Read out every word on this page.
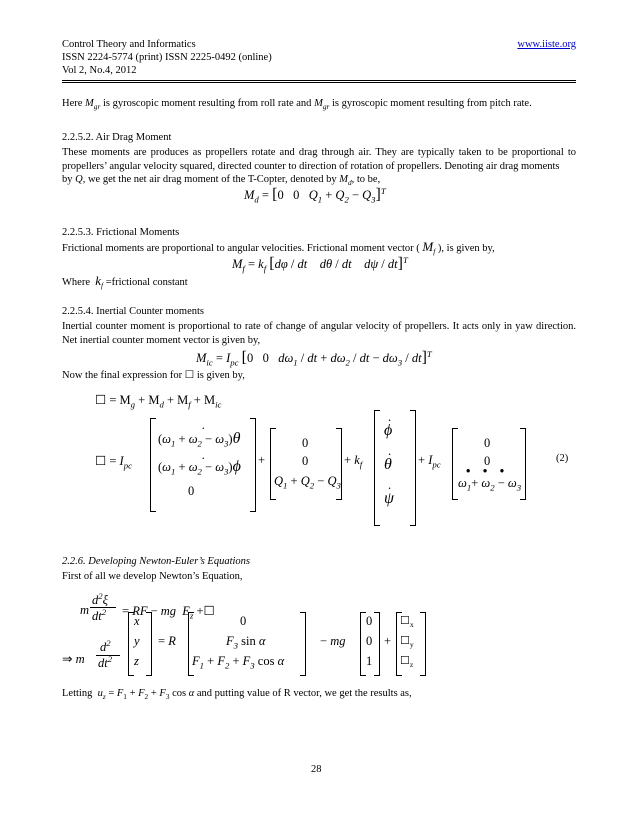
Control Theory and Informatics
ISSN 2224-5774 (print) ISSN 2225-0492 (online)
Vol 2, No.4, 2012
www.iiste.org
Here $M_{gr}$ is gyroscopic moment resulting from roll rate and $M_{gr}$ is gyroscopic moment resulting from pitch rate.
2.2.5.2. Air Drag Moment
These moments are produces as propellers rotate and drag through air. They are typically taken to be proportional to propellers’ angular velocity squared, directed counter to direction of rotation of propellers. Denoting air drag moments
by Q, we get the net air drag moment of the T-Copter, denoted by $M_d$, to be,
$M_d = [0$   0   $Q_1 + Q_2 - Q_3]^T$
2.2.5.3. Frictional Moments
Frictional moments are proportional to angular velocities. Frictional moment vector ( $M_f$ ), is given by,
$M_f = k_f$ [dφ / dt    dθ / dt    dψ / dt]$^T$
Where $k_f$ =frictional constant
2.2.5.4. Inertial Counter moments
Inertial counter moment is proportional to rate of change of angular velocity of propellers. It acts only in yaw direction. Net inertial counter moment vector is given by,
$M_{ic} = I_{pc}$ [0   0   $d\omega_1$ / dt + $d\omega_2$ / dt − $d\omega_3 / dt]^T$
Now the final expression for ☐ is given by,
☐ = $M_g + M_d + M_f + M_{ic}$
☐ = $I_{pc}$
.
$(\omega_1 + \omega_2 - \omega_3)\theta$
.
$(\omega_1 + \omega_2 - \omega_3)\phi$
0
+
0
0
$Q_1 + Q_2 - Q_3$
+ $k_f$
.
ϕ
.
θ
.
ψ
+ $I_{pc}$
0
0
•    •    •
$\omega_1+ \omega_2 - \omega_3$
(2)
2.2.6. Developing Newton-Euler’s Equations
First of all we develop Newton’s Equation,
$d^2\xi$
m $dt^2$ = RF − mg  $E_z$ +☐
⇒ m
$d^2$
$dt^2$
x
y
z
= R
0
$F_3$ sin α
$F_1 + F_2 + F_3$ cos α
− mg
0
0
1
+
$☐_x$
$☐_y$
$☐_z$
Letting $u_z = F_1 + F_2 + F_3$ cos α and putting value of R vector, we get the results as,
28
